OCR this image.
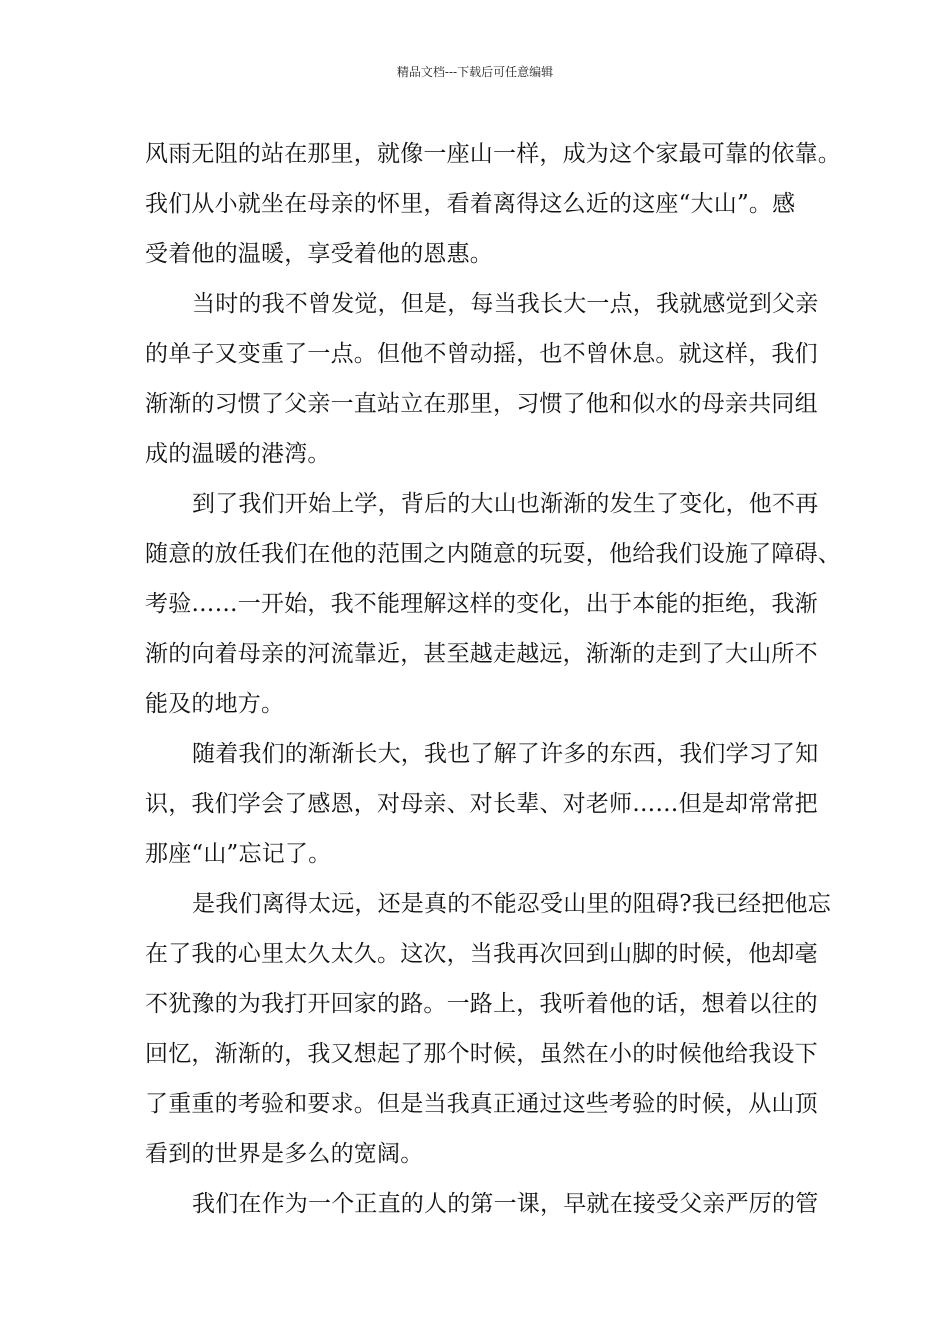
精品文档---下载后可任意编辑
风雨无阻的站在那里，就像一座山一样，成为这个家最可靠的依靠。
我们从小就坐在母亲的怀里，看着离得这么近的这座“大山”。感
受着他的温暖，享受着他的恩惠。
当时的我不曾发觉，但是，每当我长大一点，我就感觉到父亲
的单子又变重了一点。但他不曾动摇，也不曾休息。就这样，我们
渐渐的习惯了父亲一直站立在那里，习惯了他和似水的母亲共同组
成的温暖的港湾。
到了我们开始上学，背后的大山也渐渐的发生了变化，他不再
随意的放任我们在他的范围之内随意的玩耍，他给我们设施了障碍、
考验……一开始，我不能理解这样的变化，出于本能的拒绝，我渐
渐的向着母亲的河流靠近，甚至越走越远，渐渐的走到了大山所不
能及的地方。
随着我们的渐渐长大，我也了解了许多的东西，我们学习了知
识，我们学会了感恩，对母亲、对长辈、对老师……但是却常常把
那座“山”忘记了。
是我们离得太远，还是真的不能忍受山里的阻碍?我已经把他忘
在了我的心里太久太久。这次，当我再次回到山脚的时候，他却毫
不犹豫的为我打开回家的路。一路上，我听着他的话，想着以往的
回忆，渐渐的，我又想起了那个时候，虽然在小的时候他给我设下
了重重的考验和要求。但是当我真正通过这些考验的时候，从山顶
看到的世界是多么的宽阔。
我们在作为一个正直的人的第一课，早就在接受父亲严厉的管
